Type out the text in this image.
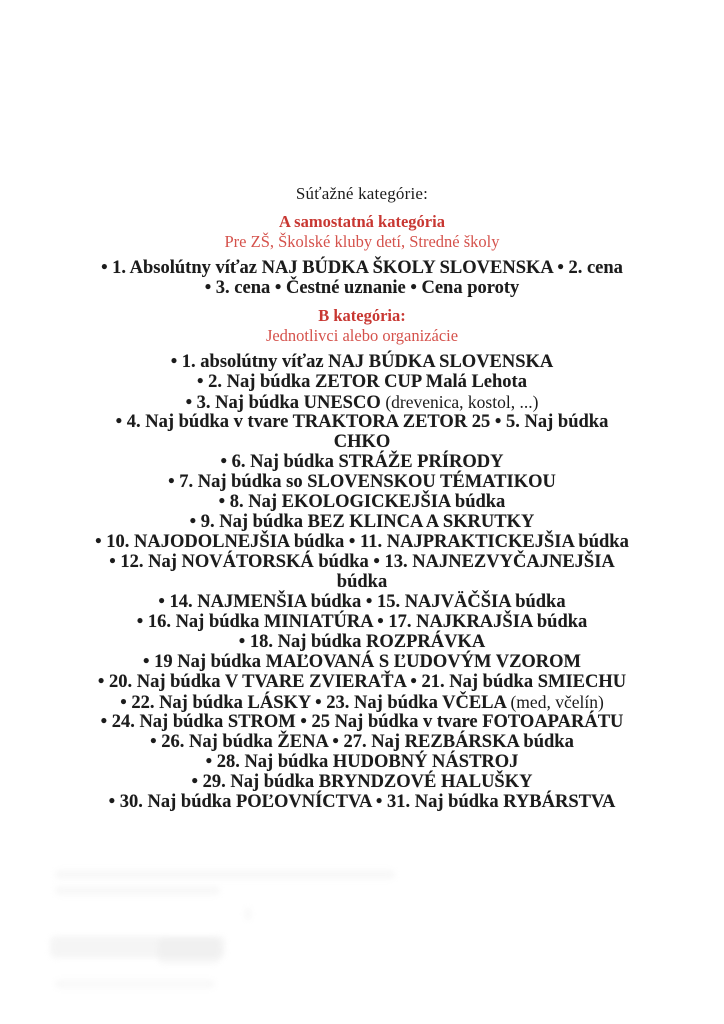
Súťažné kategórie:
A samostatná kategória
Pre ZŠ, Školské kluby detí, Stredné školy
• 1. Absolútny víťaz NAJ BÚDKA ŠKOLY SLOVENSKA • 2. cena
• 3. cena • Čestné uznanie • Cena poroty
B kategória:
Jednotlivci alebo organizácie
• 1. absolútny víťaz NAJ BÚDKA SLOVENSKA
• 2. Naj búdka ZETOR CUP Malá Lehota
• 3. Naj búdka UNESCO (drevenica, kostol, ...)
• 4. Naj búdka v tvare TRAKTORA ZETOR 25 • 5. Naj búdka
CHKO
• 6. Naj búdka STRÁŽE PRÍRODY
• 7. Naj búdka so SLOVENSKOU TÉMATIKOU
• 8. Naj EKOLOGICKEJŠIA búdka
• 9. Naj búdka BEZ KLINCA A SKRUTKY
• 10. NAJODOLNEJŠIA búdka • 11. NAJPRAKTICKEJŠIA búdka
• 12. Naj NOVÁTORSKÁ búdka • 13. NAJNEZVYČAJNEJŠIA
búdka
• 14. NAJMENŠIA búdka • 15. NAJVÄČŠIA búdka
• 16. Naj búdka MINIATÚRA • 17. NAJKRAJŠIA búdka
• 18. Naj búdka ROZPRÁVKA
• 19 Naj búdka MAĽOVANÁ S ĽUDOVÝM VZOROM
• 20. Naj búdka V TVARE ZVIERAŤA • 21. Naj búdka SMIECHU
• 22. Naj búdka LÁSKY • 23. Naj búdka VČELA (med, včelín)
• 24. Naj búdka STROM • 25 Naj búdka v tvare FOTOAPARÁTU
• 26. Naj búdka ŽENA • 27. Naj REZBÁRSKA búdka
• 28. Naj búdka HUDOBNÝ NÁSTROJ
• 29. Naj búdka BRYNDZOVÉ HALUŠKY
• 30. Naj búdka POĽOVNÍCTVA • 31. Naj búdka RYBÁRSTVA
